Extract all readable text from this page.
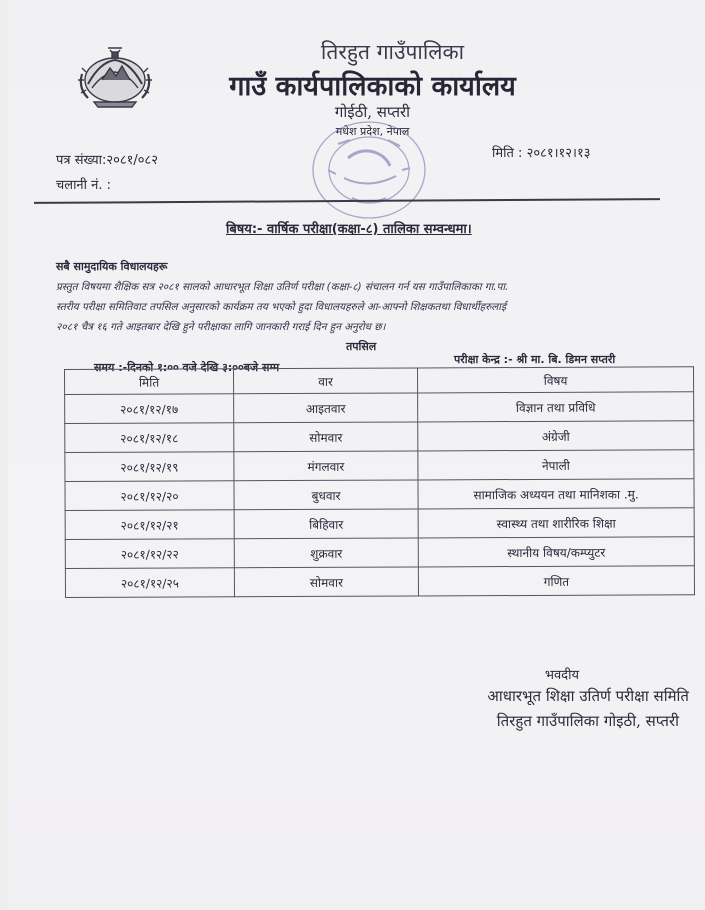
तिरहुत गाउँपालिका
गाउँ कार्यपालिकाको कार्यालय
गोईठी, सप्तरी
मधेश प्रदेश, नेपाल
पत्र संख्या:२०८१/०८२
चलानी नं. :
मिति : २०८१।१२।१३
बिषय:- वार्षिक परीक्षा(कक्षा-८) तालिका सम्वन्धमा।
सबै सामुदायिक विधालयहरू
प्रस्तुत विषयमा शैक्षिक सत्र २०८१ सालको आधारभूत शिक्षा उतिर्ण परीक्षा (कक्षा-८) संचालन गर्न यस गाउँपालिकाका गा.पा.
स्तरीय परीक्षा समितिवाट तपसिल अनुसारको कार्यक्रम तय भएको हुदा विधालयहरुले आ-आफ्नो शिक्षकतथा विधार्थीहरुलाई
२०८१ चैत्र १६ गते आइतबार देखि हुने परीक्षाका लागि जानकारी गराई दिन हुन अनुरोध छ।
तपसिल
समय :-दिनको १:०० वजे देखि ३:००बजे सम्म
परीक्षा केन्द्र :- श्री मा. बि. डिमन सप्तरी
मिति	वार	विषय
२०८१/१२/१७	आइतवार	विज्ञान तथा प्रविधि
२०८१/१२/१८	सोमवार	अंग्रेजी
२०८१/१२/१९	मंगलवार	नेपाली
२०८१/१२/२०	बुधवार	सामाजिक अध्ययन तथा मानिशका .मु.
२०८१/१२/२१	बिहिवार	स्वास्थ्य तथा शारीरिक शिक्षा
२०८१/१२/२२	शुक्रवार	स्थानीय विषय/कम्प्युटर
२०८१/१२/२५	सोमवार	गणित
भवदीय
आधारभूत शिक्षा उतिर्ण परीक्षा समिति
तिरहुत गाउँपालिका गोइठी, सप्तरी
